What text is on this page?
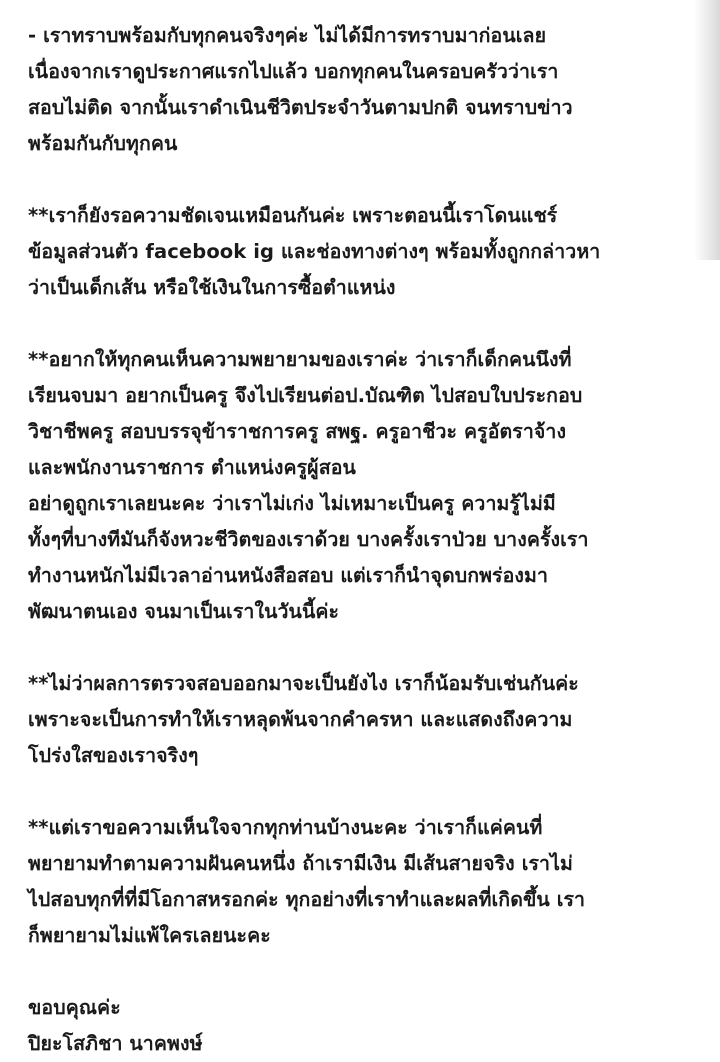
- เราทราบพร้อมกับทุกคนจริงๆค่ะ ไม่ได้มีการทราบมาก่อนเลย
เนื่องจากเราดูประกาศแรกไปแล้ว บอกทุกคนในครอบครัวว่าเรา
สอบไม่ติด จากนั้นเราดำเนินชีวิตประจำวันตามปกติ จนทราบข่าว
พร้อมกันกับทุกคน
**เราก็ยังรอความชัดเจนเหมือนกันค่ะ เพราะตอนนี้เราโดนแชร์
ข้อมูลส่วนตัว facebook ig และช่องทางต่างๆ พร้อมทั้งถูกกล่าวหา
ว่าเป็นเด็กเส้น หรือใช้เงินในการซื้อตำแหน่ง
**อยากให้ทุกคนเห็นความพยายามของเราค่ะ ว่าเราก็เด็กคนนึงที่
เรียนจบมา อยากเป็นครู จึงไปเรียนต่อป.บัณฑิต ไปสอบใบประกอบ
วิชาชีพครู สอบบรรจุข้าราชการครู สพฐ. ครูอาชีวะ ครูอัตราจ้าง
และพนักงานราชการ ตำแหน่งครูผู้สอน
อย่าดูถูกเราเลยนะคะ ว่าเราไม่เก่ง ไม่เหมาะเป็นครู ความรู้ไม่มี
ทั้งๆที่บางทีมันก็จังหวะชีวิตของเราด้วย บางครั้งเราป่วย บางครั้งเรา
ทำงานหนักไม่มีเวลาอ่านหนังสือสอบ แต่เราก็นำจุดบกพร่องมา
พัฒนาตนเอง จนมาเป็นเราในวันนี้ค่ะ
**ไม่ว่าผลการตรวจสอบออกมาจะเป็นยังไง เราก็น้อมรับเช่นกันค่ะ
เพราะจะเป็นการทำให้เราหลุดพ้นจากคำครหา และแสดงถึงความ
โปร่งใสของเราจริงๆ
**แต่เราขอความเห็นใจจากทุกท่านบ้างนะคะ ว่าเราก็แค่คนที่
พยายามทำตามความฝันคนหนึ่ง ถ้าเรามีเงิน มีเส้นสายจริง เราไม่
ไปสอบทุกที่ที่มีโอกาสหรอกค่ะ ทุกอย่างที่เราทำและผลที่เกิดขึ้น เรา
ก็พยายามไม่แพ้ใครเลยนะคะ
ขอบคุณค่ะ
ปิยะโสภิชา นาคพงษ์
